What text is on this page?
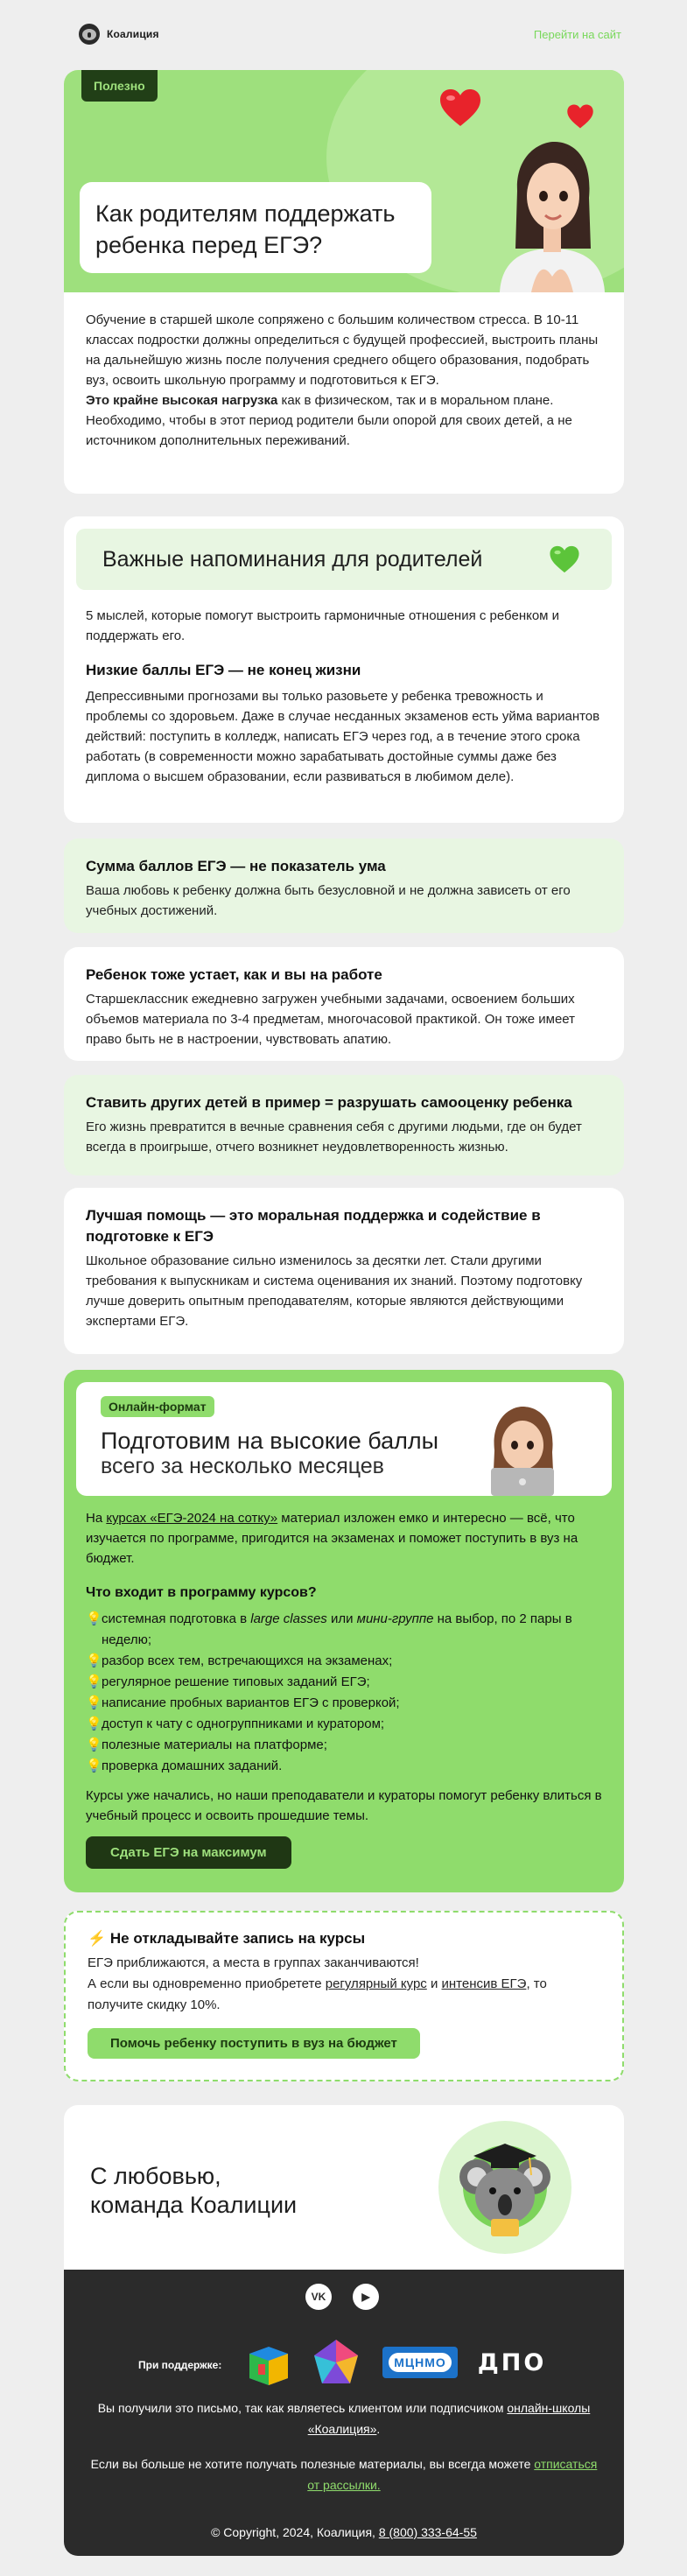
Коалиция	Перейти на сайт
Полезно
Как родителям поддержать ребенка перед ЕГЭ?

Обучение в старшей школе сопряжено с большим количеством стресса. В 10-11 классах подростки должны определиться с будущей профессией, выстроить планы на дальнейшую жизнь после получения среднего общего образования, подобрать вуз, освоить школьную программу и подготовиться к ЕГЭ.

Это крайне высокая нагрузка как в физическом, так и в моральном плане. Необходимо, чтобы в этот период родители были опорой для своих детей, а не источником дополнительных переживаний.

Важные напоминания для родителей

5 мыслей, которые помогут выстроить гармоничные отношения с ребенком и поддержать его.

Низкие баллы ЕГЭ — не конец жизни

Депрессивными прогнозами вы только разовьете у ребенка тревожность и проблемы со здоровьем. Даже в случае несданных экзаменов есть уйма вариантов действий: поступить в колледж, написать ЕГЭ через год, а в течение этого срока работать (в современности можно зарабатывать достойные суммы даже без диплома о высшем образовании, если развиваться в любимом деле).

Сумма баллов ЕГЭ — не показатель ума

Ваша любовь к ребенку должна быть безусловной и не должна зависеть от его учебных достижений.

Ребенок тоже устает, как и вы на работе

Старшеклассник ежедневно загружен учебными задачами, освоением больших объемов материала по 3-4 предметам, многочасовой практикой. Он тоже имеет право быть не в настроении, чувствовать апатию.

Ставить других детей в пример = разрушать самооценку ребенка

Его жизнь превратится в вечные сравнения себя с другими людьми, где он будет всегда в проигрыше, отчего возникнет неудовлетворенность жизнью.

Лучшая помощь — это моральная поддержка и содействие в подготовке к ЕГЭ

Школьное образование сильно изменилось за десятки лет. Стали другими требования к выпускникам и система оценивания их знаний. Поэтому подготовку лучше доверить опытным преподавателям, которые являются действующими экспертами ЕГЭ.

Онлайн-формат
Подготовим на высокие баллы
всего за несколько месяцев

На курсах «ЕГЭ-2024 на сотку» материал изложен емко и интересно — всё, что изучается по программе, пригодится на экзаменах и поможет поступить в вуз на бюджет.

Что входит в программу курсов?
💡 системная подготовка в large classes или мини-группе на выбор, по 2 пары в неделю;
💡 разбор всех тем, встречающихся на экзаменах;
💡 регулярное решение типовых заданий ЕГЭ;
💡 написание пробных вариантов ЕГЭ с проверкой;
💡 доступ к чату с одногруппниками и куратором;
💡 полезные материалы на платформе;
💡 проверка домашних заданий.

Курсы уже начались, но наши преподаватели и кураторы помогут ребенку влиться в учебный процесс и освоить прошедшие темы.

Сдать ЕГЭ на максимум
⚡ Не откладывайте запись на курсы

ЕГЭ приближаются, а места в группах заканчиваются!

А если вы одновременно приобретете регулярный курс и интенсив ЕГЭ, то получите скидку 10%.

Помочь ребенку поступить в вуз на бюджет
С любовью,
команда Коалиции
VK	▶
При поддержке:	МЦНМО ДПО

Вы получили это письмо, так как являетесь клиентом или подписчиком онлайн-школы «Коалиция».

Если вы больше не хотите получать полезные материалы, вы всегда можете отписаться от рассылки.

© Copyright, 2024, Коалиция, 8 (800) 333-64-55
